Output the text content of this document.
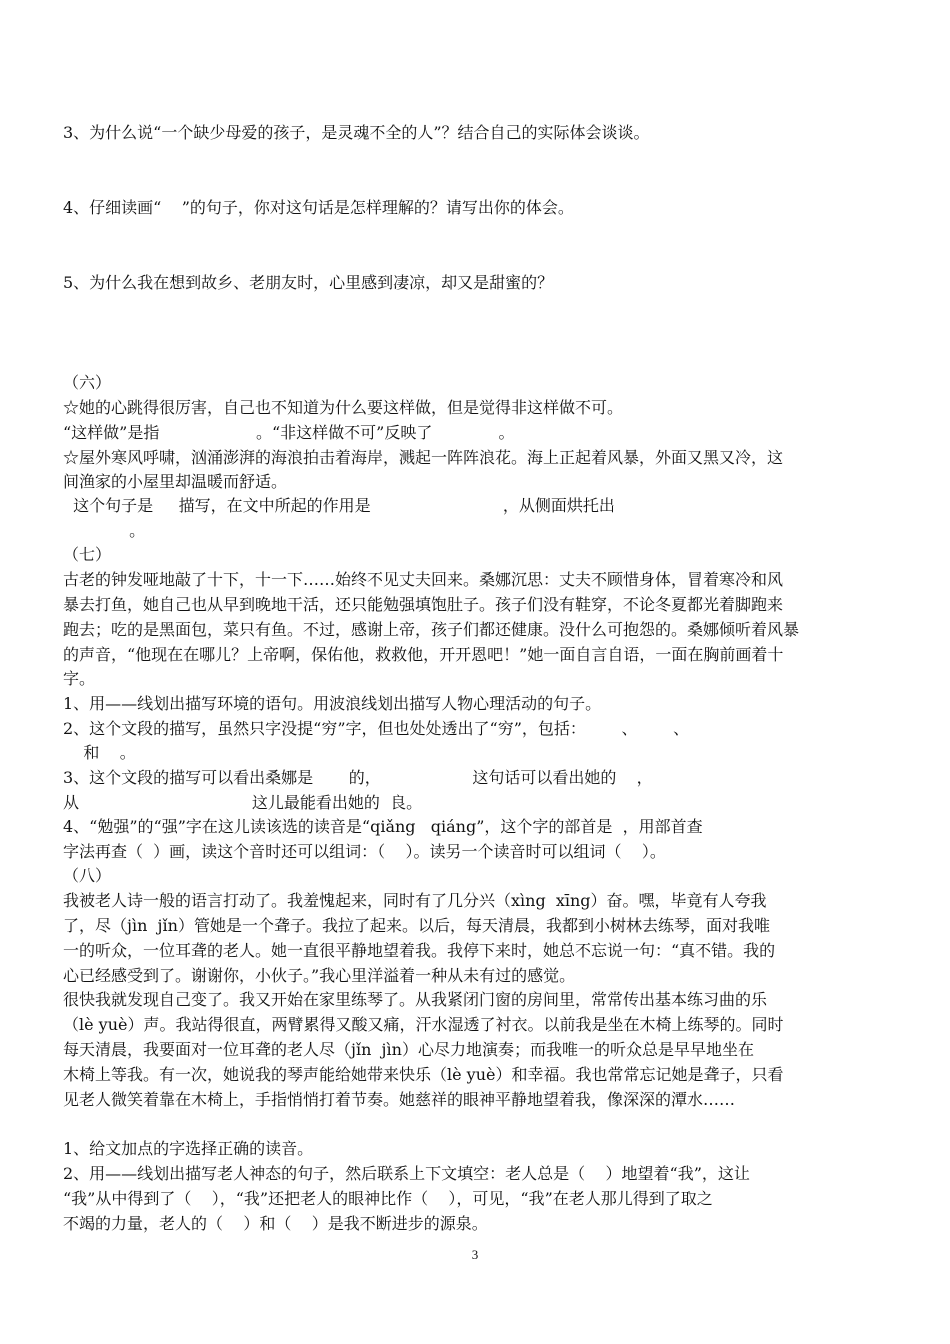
3、为什么说“一个缺少母爱的孩子，是灵魂不全的人”？结合自己的实际体会谈谈。

4、仔细读画“    ”的句子，你对这句话是怎样理解的？请写出你的体会。

5、为什么我在想到故乡、老朋友时，心里感到凄凉，却又是甜蜜的？

（六）

☆她的心跳得很厉害，自己也不知道为什么要这样做，但是觉得非这样做不可。

“这样做”是指                   。“非这样做不可”反映了             。

☆屋外寒风呼啸，汹涌澎湃的海浪拍击着海岸，溅起一阵阵浪花。海上正起着风暴，外面又黑又冷，这

间渔家的小屋里却温暖而舒适。

这个句子是     描写，在文中所起的作用是                          ，从侧面烘托出

。

（七）

古老的钟发哑地敲了十下，十一下……始终不见丈夫回来。桑娜沉思：丈夫不顾惜身体，冒着寒冷和风

暴去打鱼，她自己也从早到晚地干活，还只能勉强填饱肚子。孩子们没有鞋穿，不论冬夏都光着脚跑来

跑去；吃的是黑面包，菜只有鱼。不过，感谢上帝，孩子们都还健康。没什么可抱怨的。桑娜倾听着风暴

的声音，“他现在在哪儿？上帝啊，保佑他，救救他，开开恩吧！”她一面自言自语，一面在胸前画着十

字。

1、用——线划出描写环境的语句。用波浪线划出描写人物心理活动的句子。

2、这个文段的描写，虽然只字没提“穷”字，但也处处透出了“穷”，包括：       、       、

和    。

3、这个文段的描写可以看出桑娜是       的，                  这句话可以看出她的    ，

从                                  这儿最能看出她的  良。

4、“勉强”的“强”字在这儿读该选的读音是“qiǎng   qiáng”，这个字的部首是  ，用部首查

字法再查（  ）画，读这个音时还可以组词：（    ）。读另一个读音时可以组词（    ）。

（八）

我被老人诗一般的语言打动了。我羞愧起来，同时有了几分兴（xìng  xīng）奋。嘿，毕竟有人夸我

了，尽（jìn  jǐn）管她是一个聋子。我拉了起来。以后，每天清晨，我都到小树林去练琴，面对我唯

一的听众，一位耳聋的老人。她一直很平静地望着我。我停下来时，她总不忘说一句：“真不错。我的

心已经感受到了。谢谢你，小伙子。”我心里洋溢着一种从未有过的感觉。

很快我就发现自己变了。我又开始在家里练琴了。从我紧闭门窗的房间里，常常传出基本练习曲的乐

（lè yuè）声。我站得很直，两臂累得又酸又痛，汗水湿透了衬衣。以前我是坐在木椅上练琴的。同时

每天清晨，我要面对一位耳聋的老人尽（jǐn  jìn）心尽力地演奏；而我唯一的听众总是早早地坐在

木椅上等我。有一次，她说我的琴声能给她带来快乐（lè yuè）和幸福。我也常常忘记她是聋子，只看

见老人微笑着靠在木椅上，手指悄悄打着节奏。她慈祥的眼神平静地望着我，像深深的潭水……

1、给文加点的字选择正确的读音。

2、用——线划出描写老人神态的句子，然后联系上下文填空：老人总是（    ）地望着“我”，这让

“我”从中得到了（    ），“我”还把老人的眼神比作（    ），可见，“我”在老人那儿得到了取之

不竭的力量，老人的（    ）和（    ）是我不断进步的源泉。

3
